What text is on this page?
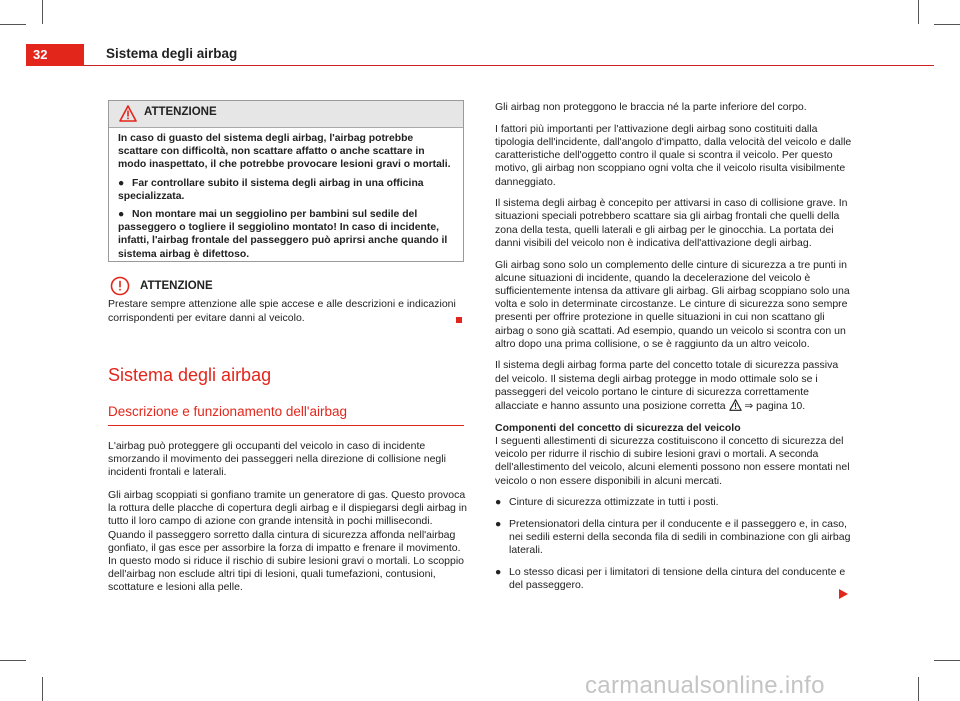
32	Sistema degli airbag
ATTENZIONE

In caso di guasto del sistema degli airbag, l'airbag potrebbe scattare con difficoltà, non scattare affatto o anche scattare in modo inaspettato, il che potrebbe provocare lesioni gravi o mortali.

● Far controllare subito il sistema degli airbag in una officina specializzata.

● Non montare mai un seggiolino per bambini sul sedile del passeggero o togliere il seggiolino montato! In caso di incidente, infatti, l'airbag frontale del passeggero può aprirsi anche quando il sistema airbag è difettoso.

ATTENZIONE
Prestare sempre attenzione alle spie accese e alle descrizioni e indicazioni corrispondenti per evitare danni al veicolo.
Sistema degli airbag
Descrizione e funzionamento dell'airbag

L'airbag può proteggere gli occupanti del veicolo in caso di incidente smorzando il movimento dei passeggeri nella direzione di collisione negli incidenti frontali e laterali.

Gli airbag scoppiati si gonfiano tramite un generatore di gas. Questo provoca la rottura delle placche di copertura degli airbag e il dispiegarsi degli airbag in tutto il loro campo di azione con grande intensità in pochi millisecondi. Quando il passeggero sorretto dalla cintura di sicurezza affonda nell'airbag gonfiato, il gas esce per assorbire la forza di impatto e frenare il movimento. In questo modo si riduce il rischio di subire lesioni gravi o mortali. Lo scoppio dell'airbag non esclude altri tipi di lesioni, quali tumefazioni, contusioni, scottature e lesioni alla pelle.

Gli airbag non proteggono le braccia né la parte inferiore del corpo.

I fattori più importanti per l'attivazione degli airbag sono costituiti dalla tipologia dell'incidente, dall'angolo d'impatto, dalla velocità del veicolo e dalle caratteristiche dell'oggetto contro il quale si scontra il veicolo. Per questo motivo, gli airbag non scoppiano ogni volta che il veicolo risulta visibilmente danneggiato.

Il sistema degli airbag è concepito per attivarsi in caso di collisione grave. In situazioni speciali potrebbero scattare sia gli airbag frontali che quelli della zona della testa, quelli laterali e gli airbag per le ginocchia. La portata dei danni visibili del veicolo non è indicativa dell'attivazione degli airbag.

Gli airbag sono solo un complemento delle cinture di sicurezza a tre punti in alcune situazioni di incidente, quando la decelerazione del veicolo è sufficientemente intensa da attivare gli airbag. Gli airbag scoppiano solo una volta e solo in determinate circostanze. Le cinture di sicurezza sono sempre presenti per offrire protezione in quelle situazioni in cui non scattano gli airbag o sono già scattati. Ad esempio, quando un veicolo si scontra con un altro dopo una prima collisione, o se è raggiunto da un altro veicolo.

Il sistema degli airbag forma parte del concetto totale di sicurezza passiva del veicolo. Il sistema degli airbag protegge in modo ottimale solo se i passeggeri del veicolo portano le cinture di sicurezza correttamente allacciate e hanno assunto una posizione corretta ⇒ pagina 10.

Componenti del concetto di sicurezza del veicolo

I seguenti allestimenti di sicurezza costituiscono il concetto di sicurezza del veicolo per ridurre il rischio di subire lesioni gravi o mortali. A seconda dell'allestimento del veicolo, alcuni elementi possono non essere montati nel veicolo o non essere disponibili in alcuni mercati.

● Cinture di sicurezza ottimizzate in tutti i posti.

● Pretensionatori della cintura per il conducente e il passeggero e, in caso, nei sedili esterni della seconda fila di sedili in combinazione con gli airbag laterali.

● Lo stesso dicasi per i limitatori di tensione della cintura del conducente e del passeggero.

carmanualsonline.info
